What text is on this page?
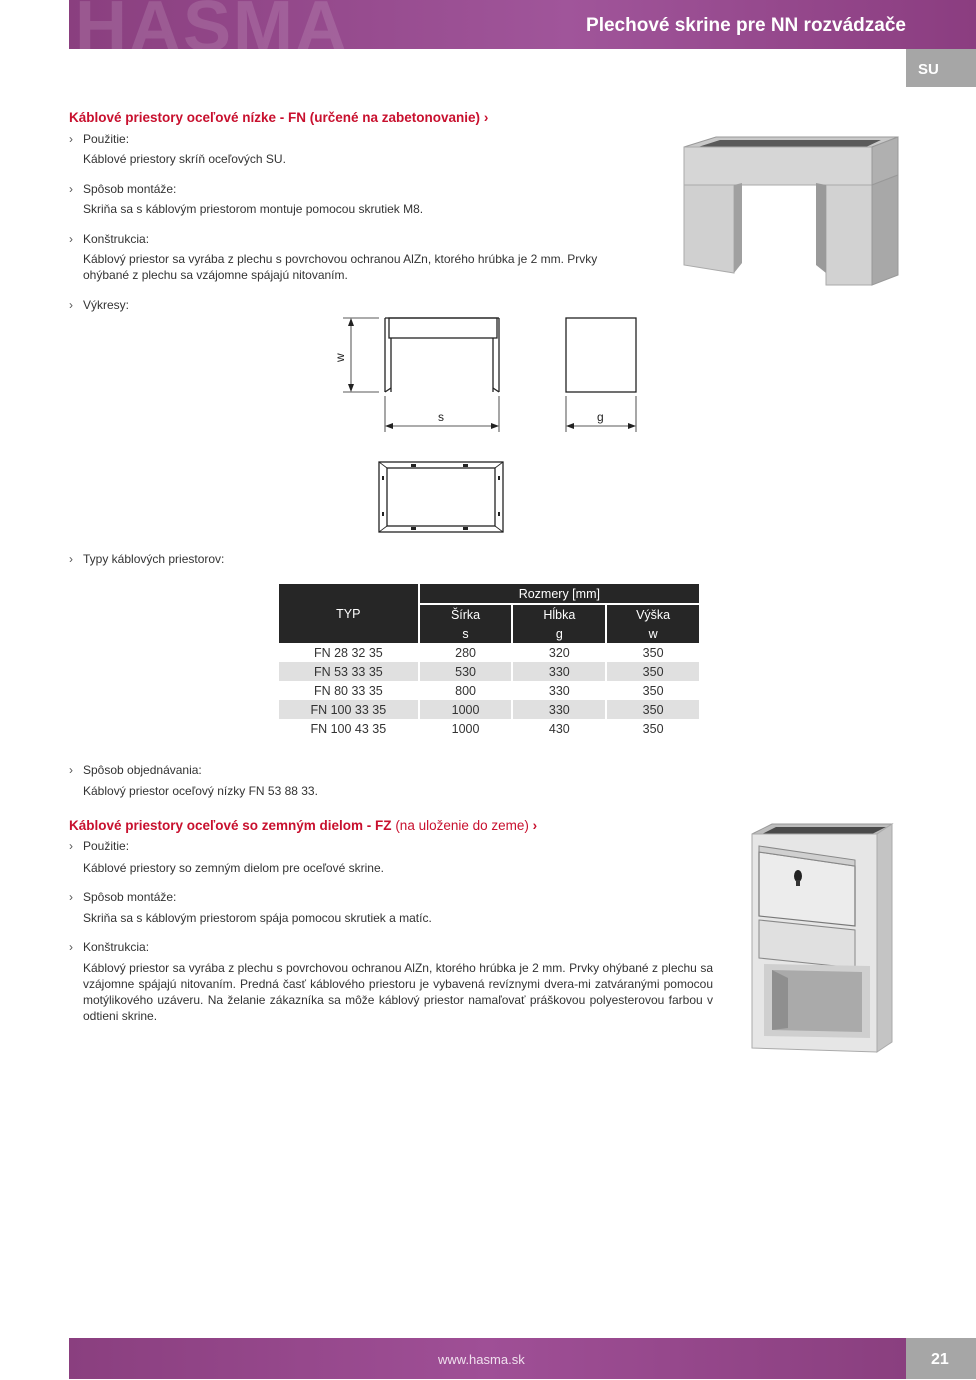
HASMA	Plechové skrine pre NN rozvádzače
SU
Káblové priestory oceľové nízke - FN (určené na zabetonovanie) ›
› Použitie:
Káblové priestory skríň oceľových SU.
› Spôsob montáže:
Skriňa sa s káblovým priestorom montuje pomocou skrutiek M8.
› Konštrukcia:
Káblový priestor sa vyrába z plechu s povrchovou ochranou AlZn, ktorého hrúbka je 2 mm. Prvky
ohýbané z plechu sa vzájomne spájajú nitovaním.
› Výkresy:
w
s	g
› Typy káblových priestorov:
TYP	Rozmery [mm]		
	Šírka	Hĺbka	Výška
	s	g	w
FN 28 32 35	280	320	350
FN 53 33 35	530	330	350
FN 80 33 35	800	330	350
FN 100 33 35	1000	330	350
FN 100 43 35	1000	430	350
› Spôsob objednávania:
Káblový priestor oceľový nízky FN 53 88 33.
Káblové priestory oceľové so zemným dielom - FZ (na uloženie do zeme) ›
› Použitie:
Káblové priestory so zemným dielom pre oceľové skrine.
› Spôsob montáže:
Skriňa sa s káblovým priestorom spája pomocou skrutiek a matíc.
› Konštrukcia:
Káblový priestor sa vyrába z plechu s povrchovou ochranou AlZn, ktorého hrúbka je 2 mm. Prvky ohýbané z plechu sa vzájomne spájajú nitovaním. Predná časť káblového priestoru je vybavená revíznymi dvera-mi zatváranými pomocou motýlikového uzáveru. Na želanie zákazníka sa môže káblový priestor namaľovať práškovou polyesterovou farbou v odtieni skrine.
www.hasma.sk	21
